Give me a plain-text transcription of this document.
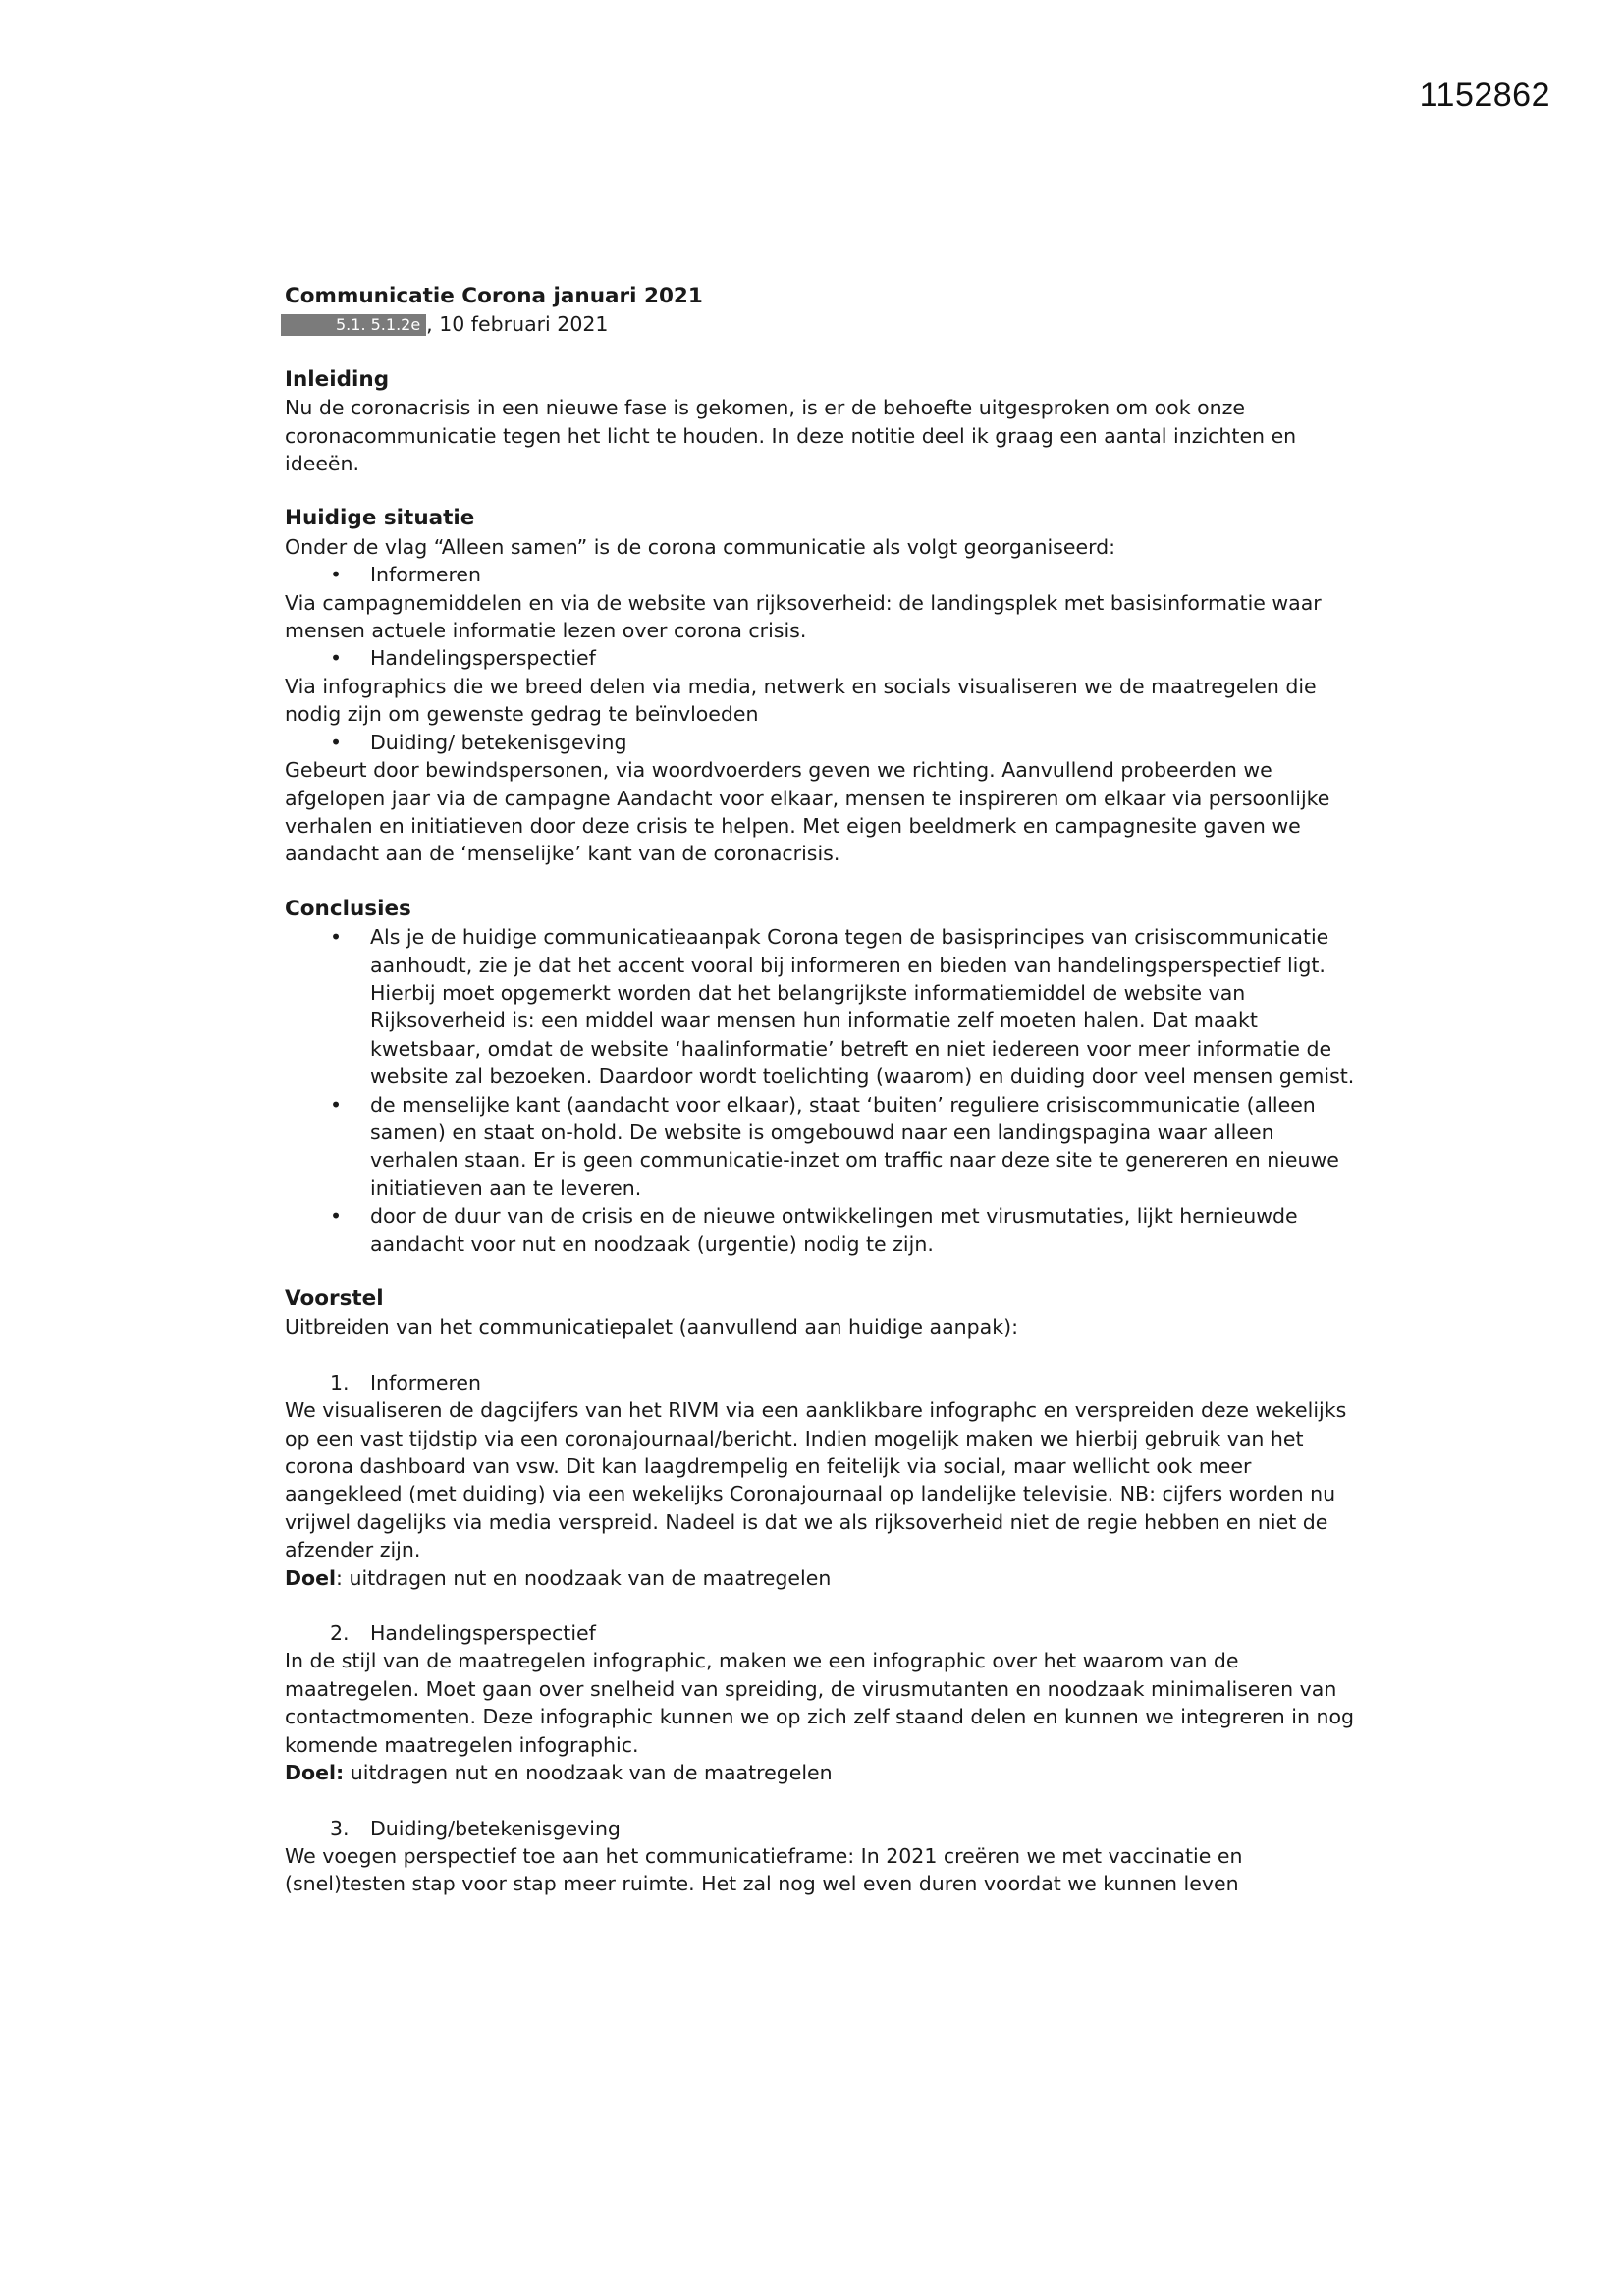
1152862

Communicatie Corona januari 2021

5.1. 5.1.2e , 10 februari 2021

Inleiding

Nu de coronacrisis in een nieuwe fase is gekomen, is er de behoefte uitgesproken om ook onze coronacommunicatie tegen het licht te houden. In deze notitie deel ik graag een aantal inzichten en ideeën.

Huidige situatie

Onder de vlag “Alleen samen” is de corona communicatie als volgt georganiseerd:

• Informeren

Via campagnemiddelen en via de website van rijksoverheid: de landingsplek met basisinformatie waar mensen actuele informatie lezen over corona crisis.

• Handelingsperspectief

Via infographics die we breed delen via media, netwerk en socials visualiseren we de maatregelen die nodig zijn om gewenste gedrag te beïnvloeden

• Duiding/ betekenisgeving

Gebeurt door bewindspersonen, via woordvoerders geven we richting. Aanvullend probeerden we afgelopen jaar via de campagne Aandacht voor elkaar, mensen te inspireren om elkaar via persoonlijke verhalen en initiatieven door deze crisis te helpen. Met eigen beeldmerk en campagnesite gaven we aandacht aan de ‘menselijke’ kant van de coronacrisis.

Conclusies
• Als je de huidige communicatieaanpak Corona tegen de basisprincipes van crisiscommunicatie aanhoudt, zie je dat het accent vooral bij informeren en bieden van handelingsperspectief ligt. Hierbij moet opgemerkt worden dat het belangrijkste informatiemiddel de website van Rijksoverheid is: een middel waar mensen hun informatie zelf moeten halen. Dat maakt kwetsbaar, omdat de website ‘haalinformatie’ betreft en niet iedereen voor meer informatie de website zal bezoeken. Daardoor wordt toelichting (waarom) en duiding door veel mensen gemist.
• de menselijke kant (aandacht voor elkaar), staat ‘buiten’ reguliere crisiscommunicatie (alleen samen) en staat on-hold. De website is omgebouwd naar een landingspagina waar alleen verhalen staan. Er is geen communicatie-inzet om traffic naar deze site te genereren en nieuwe initiatieven aan te leveren.
• door de duur van de crisis en de nieuwe ontwikkelingen met virusmutaties, lijkt hernieuwde aandacht voor nut en noodzaak (urgentie) nodig te zijn.
Voorstel

Uitbreiden van het communicatiepalet (aanvullend aan huidige aanpak):

1. Informeren

We visualiseren de dagcijfers van het RIVM via een aanklikbare infographc en verspreiden deze wekelijks op een vast tijdstip via een coronajournaal/bericht. Indien mogelijk maken we hierbij gebruik van het corona dashboard van vsw. Dit kan laagdrempelig en feitelijk via social, maar wellicht ook meer aangekleed (met duiding) via een wekelijks Coronajournaal op landelijke televisie. NB: cijfers worden nu vrijwel dagelijks via media verspreid. Nadeel is dat we als rijksoverheid niet de regie hebben en niet de afzender zijn.

Doel: uitdragen nut en noodzaak van de maatregelen

2. Handelingsperspectief

In de stijl van de maatregelen infographic, maken we een infographic over het waarom van de maatregelen. Moet gaan over snelheid van spreiding, de virusmutanten en noodzaak minimaliseren van contactmomenten. Deze infographic kunnen we op zich zelf staand delen en kunnen we integreren in nog komende maatregelen infographic.

Doel: uitdragen nut en noodzaak van de maatregelen

3. Duiding/betekenisgeving

We voegen perspectief toe aan het communicatieframe: In 2021 creëren we met vaccinatie en (snel)testen stap voor stap meer ruimte. Het zal nog wel even duren voordat we kunnen leven
